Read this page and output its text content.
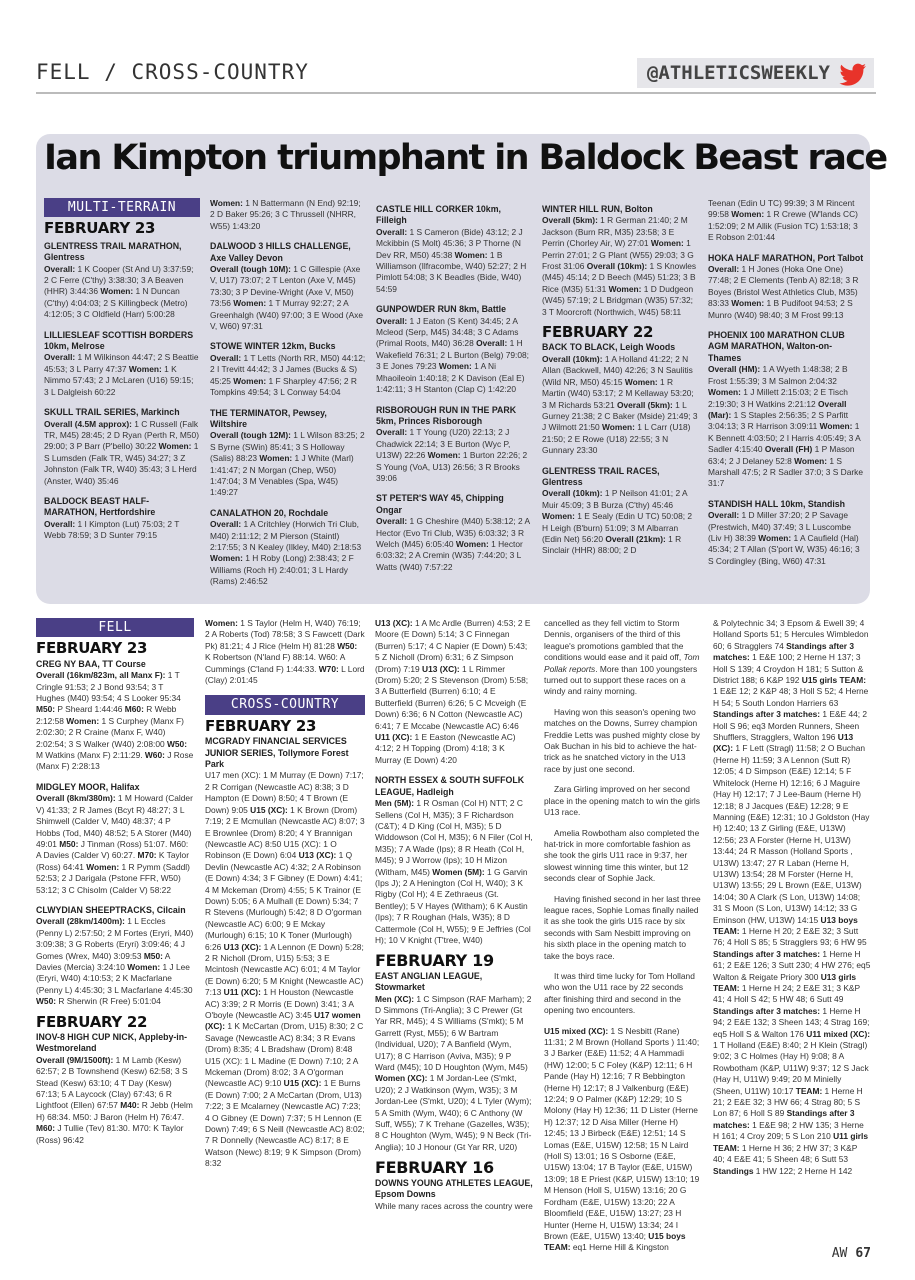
FELL / CROSS-COUNTRY	@ATHLETICSWEEKLY
Ian Kimpton triumphant in Baldock Beast race
MULTI-TERRAIN
FEBRUARY 23

GLENTRESS TRAIL MARATHON, Glentress
Overall: 1 K Cooper (St And U) 3:37:59; 2 C Ferre (C'thy) 3:38:30; 3 A Beaven (HHR) 3:44:36 Women: 1 N Duncan (C'thy) 4:04:03; 2 S Killingbeck (Metro) 4:12:05; 3 C Oldfield (Harr) 5:00:28

LILLIESLEAF SCOTTISH BORDERS 10km, Melrose
Overall: 1 M Wilkinson 44:47; 2 S Beattie 45:53; 3 L Parry 47:37 Women: 1 K Nimmo 57:43; 2 J McLaren (U16) 59:15; 3 L Dalgleish 60:22

SKULL TRAIL SERIES, Markinch
Overall (4.5M approx): 1 C Russell (Falk TR, M45) 28:45; 2 D Ryan (Perth R, M50) 29:00; 3 P Barr (P'bello) 30:22 Women: 1 S Lumsden (Falk TR, W45) 34:27; 3 Z Johnston (Falk TR, W40) 35:43; 3 L Herd (Anster, W40) 35:46

BALDOCK BEAST HALF-MARATHON, Hertfordshire
Overall: 1 I Kimpton (Lut) 75:03; 2 T Webb 78:59; 3 D Sunter 79:15

Women: 1 N Battermann (N End) 92:19; 2 D Baker 95:26; 3 C Thrussell (NHRR, W55) 1:43:20

DALWOOD 3 HILLS CHALLENGE, Axe Valley Devon
Overall (tough 10M): 1 C Gillespie (Axe V, U17) 73:07; 2 T Lenton (Axe V, M45) 73:30; 3 P Devine-Wright (Axe V, M50) 73:56 Women: 1 T Murray 92:27; 2 A Greenhalgh (W40) 97:00; 3 E Wood (Axe V, W60) 97:31

STOWE WINTER 12km, Bucks
Overall: 1 T Letts (North RR, M50) 44:12; 2 I Trevitt 44:42; 3 J James (Bucks & S) 45:25 Women: 1 F Sharpley 47:56; 2 R Tompkins 49:54; 3 L Conway 54:04

THE TERMINATOR, Pewsey, Wiltshire
Overall (tough 12M): 1 L Wilson 83:25; 2 S Byrne (SWin) 85:41; 3 S Holloway (Salis) 88:23 Women: 1 J White (Marl) 1:41:47; 2 N Morgan (Chep, W50) 1:47:04; 3 M Venables (Spa, W45) 1:49:27

CANALATHON 20, Rochdale
Overall: 1 A Critchley (Horwich Tri Club, M40) 2:11:12; 2 M Pierson (Staintl) 2:17:55; 3 N Kealey (Ilkley, M40) 2:18:53 Women: 1 H Roby (Long) 2:38:43; 2 F Williams (Roch H) 2:40:01; 3 L Hardy (Rams) 2:46:52

CASTLE HILL CORKER 10km, Filleigh
Overall: 1 S Cameron (Bide) 43:12; 2 J Mckibbin (S Molt) 45:36; 3 P Thorne (N Dev RR, M50) 45:38 Women: 1 B Williamson (Ilfracombe, W40) 52:27; 2 H Pimlott 54:08; 3 K Beadles (Bide, W40) 54:59

GUNPOWDER RUN 8km, Battle
Overall: 1 J Eaton (S Kent) 34:45; 2 A Mcleod (Serp, M45) 34:48; 3 C Adams (Primal Roots, M40) 36:28 Overall: 1 H Wakefield 76:31; 2 L Burton (Belg) 79:08; 3 E Jones 79:23 Women: 1 A Ni Mhaoileoin 1:40:18; 2 K Davison (Eal E) 1:42:11; 3 H Stanton (Clap C) 1:42:20

RISBOROUGH RUN IN THE PARK 5km, Princes Risborough
Overall: 1 T Young (U20) 22:13; 2 J Chadwick 22:14; 3 E Burton (Wyc P, U13W) 22:26 Women: 1 Burton 22:26; 2 S Young (VoA, U13) 26:56; 3 R Brooks 39:06

ST PETER'S WAY 45, Chipping Ongar
Overall: 1 G Cheshire (M40) 5:38:12; 2 A Hector (Evo Tri Club, W35) 6:03:32; 3 R Welch (M45) 6:05:40 Women: 1 Hector 6:03:32; 2 A Cremin (W35) 7:44:20; 3 L Watts (W40) 7:57:22

WINTER HILL RUN, Bolton
Overall (5km): 1 R German 21:40; 2 M Jackson (Burn RR, M35) 23:58; 3 E Perrin (Chorley Air, W) 27:01 Women: 1 Perrin 27:01; 2 G Plant (W55) 29:03; 3 G Frost 31:06 Overall (10km): 1 S Knowles (M45) 45:14; 2 D Beech (M45) 51:23; 3 B Rice (M35) 51:31 Women: 1 D Dudgeon (W45) 57:19; 2 L Bridgman (W35) 57:32; 3 T Moorcroft (Northwich, W45) 58:11

FEBRUARY 22
BACK TO BLACK, Leigh Woods
Overall (10km): 1 A Holland 41:22; 2 N Allan (Backwell, M40) 42:26; 3 N Saulitis (Wild NR, M50) 45:15 Women: 1 R Martin (W40) 53:17; 2 M Kellaway 53:20; 3 M Richards 53:21 Overall (5km): 1 L Gurney 21:38; 2 C Baker (Mside) 21:49; 3 J Wilmott 21:50 Women: 1 L Carr (U18) 21:50; 2 E Rowe (U18) 22:55; 3 N Gunnary 23:30

GLENTRESS TRAIL RACES, Glentress
Overall (10km): 1 P Neilson 41:01; 2 A Muir 45:09; 3 B Burza (C'thy) 45:46 Women: 1 E Sealy (Edin U TC) 50:08; 2 H Leigh (B'burn) 51:09; 3 M Albarran (Edin Net) 56:20 Overall (21km): 1 R Sinclair (HHR) 88:00; 2 D

Teenan (Edin U TC) 99:39; 3 M Rincent 99:58 Women: 1 R Crewe (W'lands CC) 1:52:09; 2 M Allik (Fusion TC) 1:53:18; 3 E Robson 2:01:44

HOKA HALF MARATHON, Port Talbot
Overall: 1 H Jones (Hoka One One) 77:48; 2 E Clements (Tenb A) 82:18; 3 R Boyes (Bristol West Athletics Club, M35) 83:33 Women: 1 B Pudifoot 94:53; 2 S Munro (W40) 98:40; 3 M Frost 99:13

PHOENIX 100 MARATHON CLUB AGM MARATHON, Walton-on-Thames
Overall (HM): 1 A Wyeth 1:48:38; 2 B Frost 1:55:39; 3 M Salmon 2:04:32 Women: 1 J Millett 2:15:03; 2 E Tisch 2:19:30; 3 H Watkins 2:21:12 Overall (Mar): 1 S Staples 2:56:35; 2 S Parfitt 3:04:13; 3 R Harrison 3:09:11 Women: 1 K Bennett 4:03:50; 2 I Harris 4:05:49; 3 A Sadler 4:15:40 Overall (FH) 1 P Mason 63:4; 2 J Delaney 52:8 Women: 1 S Marshall 47:5; 2 R Sadler 37:0; 3 S Darke 31:7

STANDISH HALL 10km, Standish
Overall: 1 D Miller 37:20; 2 P Savage (Prestwich, M40) 37:49; 3 L Luscombe (Liv H) 38:39 Women: 1 A Caufield (Hal) 45:34; 2 T Allan (S'port W, W35) 46:16; 3 S Cordingley (Bing, W60) 47:31

FELL
FEBRUARY 23

CREG NY BAA, TT Course
Overall (16km/823m, all Manx F): 1 T Cringle 91:53; 2 J Bond 93:54; 3 T Hughes (M40) 93:54; 4 S Looker 95:34 M50: P Sheard 1:44:46 M60: R Webb 2:12:58 Women: 1 S Curphey (Manx F) 2:02:30; 2 R Craine (Manx F, W40) 2:02:54; 3 S Walker (W40) 2:08:00 W50: M Watkins (Manx F) 2:11:29. W60: J Rose (Manx F) 2:28:13

MIDGLEY MOOR, Halifax
Overall (8km/380m): 1 M Howard (Calder V) 41:33; 2 R James (Bcyt R) 48:27; 3 L Shimwell (Calder V, M40) 48:37; 4 P Hobbs (Tod, M40) 48:52; 5 A Storer (M40) 49:01 M50: J Tinman (Ross) 51:07. M60: A Davies (Calder V) 60:27. M70: K Taylor (Ross) 64:41 Women: 1 R Pymm (Saddl) 52:53; 2 J Darigala (Pstone FFR, W50) 53:12; 3 C Chisolm (Calder V) 58:22

CLWYDIAN SHEEPTRACKS, Cilcain
Overall (28km/1400m): 1 L Eccles (Penny L) 2:57:50; 2 M Fortes (Eryri, M40) 3:09:38; 3 G Roberts (Eryri) 3:09:46; 4 J Gomes (Wrex, M40) 3:09:53 M50: A Davies (Mercia) 3:24:10 Women: 1 J Lee (Eryri, W40) 4:10:53; 2 K Macfarlane (Penny L) 4:45:30; 3 L Macfarlane 4:45:30 W50: R Sherwin (R Free) 5:01:04

FEBRUARY 22

INOV-8 HIGH CUP NICK, Appleby-in-Westmoreland
Overall (9M/1500ft): 1 M Lamb (Kesw) 62:57; 2 B Townshend (Kesw) 62:58; 3 S Stead (Kesw) 63:10; 4 T Day (Kesw) 67:13; 5 A Laycock (Clay) 67:43; 6 R Lightfoot (Ellen) 67:57 M40: R Jebb (Helm H) 68:34. M50: J Baron (Helm H) 76:47. M60: J Tullie (Tev) 81:30. M70: K Taylor (Ross) 96:42

Women: 1 S Taylor (Helm H, W40) 76:19; 2 A Roberts (Tod) 78:58; 3 S Fawcett (Dark Pk) 81:21; 4 J Rice (Helm H) 81:28 W50: K Robertson (N'land F) 88:14. W60: A Cummings (C'land F) 1:44:33. W70: L Lord (Clay) 2:01:45

CROSS-COUNTRY
FEBRUARY 23

MCGRADY FINANCIAL SERVICES JUNIOR SERIES, Tollymore Forest Park
U17 men (XC): 1 M Murray (E Down) 7:17; 2 R Corrigan (Newcastle AC) 8:38; 3 D Hampton (E Down) 8:50; 4 T Brown (E Down) 9:05 U15 (XC): 1 K Brown (Drom) 7:19; 2 E Mcmullan (Newcastle AC) 8:07; 3 E Brownlee (Drom) 8:20; 4 Y Brannigan (Newcastle AC) 8:50 U15 (XC): 1 O Robinson (E Down) 6:04 U13 (XC): 1 Q Devlin (Newcastle AC) 4:32; 2 A Robinson (E Down) 4:34; 3 F Gibney (E Down) 4:41; 4 M Mckeman (Drom) 4:55; 5 K Trainor (E Down) 5:05; 6 A Mulhall (E Down) 5:34; 7 R Stevens (Murlough) 5:42; 8 D O'gorman (Newcastle AC) 6:00; 9 E Mckay (Murlough) 6:15; 10 K Toner (Murlough) 6:26 U13 (XC): 1 A Lennon (E Down) 5:28; 2 R Nicholl (Drom, U15) 5:53; 3 E Mcintosh (Newcastle AC) 6:01; 4 M Taylor (E Down) 6:20; 5 M Knight (Newcastle AC) 7:13 U11 (XC): 1 H Houston (Newcastle AC) 3:39; 2 R Morris (E Down) 3:41; 3 A O'boyle (Newcastle AC) 3:45 U17 women (XC): 1 K McCartan (Drom, U15) 8:30; 2 C Savage (Newcastle AC) 8:34; 3 R Evans (Drom) 8:35; 4 L Bradshaw (Drom) 8:48 U15 (XC): 1 L Madine (E Down) 7:10; 2 A Mckeman (Drom) 8:02; 3 A O'gorman (Newcastle AC) 9:10 U15 (XC): 1 E Burns (E Down) 7:00; 2 A McCartan (Drom, U13) 7:22; 3 E Mcalarney (Newcastle AC) 7:23; 4 O Gibney (E Down) 7:37; 5 H Lennon (E Down) 7:49; 6 S Neill (Newcastle AC) 8:02; 7 R Donnelly (Newcastle AC) 8:17; 8 E Watson (Newc) 8:19; 9 K Simpson (Drom) 8:32

U13 (XC): 1 A Mc Ardle (Burren) 4:53; 2 E Moore (E Down) 5:14; 3 C Finnegan (Burren) 5:17; 4 C Napier (E Down) 5:43; 5 Z Nicholl (Drom) 6:31; 6 Z Simpson (Drom) 7:19 U13 (XC): 1 L Rimmer (Drom) 5:20; 2 S Stevenson (Drom) 5:58; 3 A Butterfield (Burren) 6:10; 4 E Butterfield (Burren) 6:26; 5 C Mcveigh (E Down) 6:36; 6 N Cotton (Newcastle AC) 6:41; 7 E Mccabe (Newcastle AC) 6:46 U11 (XC): 1 E Easton (Newcastle AC) 4:12; 2 H Topping (Drom) 4:18; 3 K Murray (E Down) 4:20

NORTH ESSEX & SOUTH SUFFOLK LEAGUE, Hadleigh
Men (5M): 1 R Osman (Col H) NTT; 2 C Sellens (Col H, M35); 3 F Richardson (C&T); 4 D King (Col H, M35); 5 D Widdowson (Col H, M35); 6 N Filer (Col H, M35); 7 A Wade (Ips); 8 R Heath (Col H, M45); 9 J Worrow (Ips); 10 H Mizon (Witham, M45) Women (5M): 1 G Garvin (Ips J); 2 A Henington (Col H, W40); 3 K Rigby (Col H); 4 E Zethraeus (Gt. Bentley); 5 V Hayes (Witham); 6 K Austin (Ips); 7 R Roughan (Hals, W35); 8 D Cattermole (Col H, W55); 9 E Jeffries (Col H); 10 V Knight (T'tree, W40)

FEBRUARY 19
EAST ANGLIAN LEAGUE, Stowmarket
Men (XC): 1 C Simpson (RAF Marham); 2 D Simmons (Tri-Anglia); 3 C Prewer (Gt Yar RR, M45); 4 S Williams (S'mkt); 5 M Garrett (Ryst, M55); 6 W Bartram (Individual, U20); 7 A Banfield (Wym, U17); 8 C Harrison (Aviva, M35); 9 P Ward (M45); 10 D Houghton (Wym, M45) Women (XC): 1 M Jordan-Lee (S'mkt, U20); 2 J Watkinson (Wym, W35); 3 M Jordan-Lee (S'mkt, U20); 4 L Tyler (Wym); 5 A Smith (Wym, W40); 6 C Anthony (W Suff, W55); 7 K Trehane (Gazelles, W35); 8 C Houghton (Wym, W45); 9 N Beck (Tri-Anglia); 10 J Honour (Gt Yar RR, U20)

FEBRUARY 16
DOWNS YOUNG ATHLETES LEAGUE, Epsom Downs
While many races across the country were

cancelled as they fell victim to Storm Dennis, organisers of the third of this league's promotions gambled that the conditions would ease and it paid off, Tom Pollak reports. More than 100 youngsters turned out to support these races on a windy and rainy morning.

Having won this season's opening two matches on the Downs, Surrey champion Freddie Letts was pushed mighty close by Oak Buchan in his bid to achieve the hat-trick as he snatched victory in the U13 race by just one second.

Zara Girling improved on her second place in the opening match to win the girls U13 race.

Amelia Rowbotham also completed the hat-trick in more comfortable fashion as she took the girls U11 race in 9:37, her slowest winning time this winter, but 12 seconds clear of Sophie Jack.

Having finished second in her last three league races, Sophie Lomas finally nailed it as she took the girls U15 race by six seconds with Sam Nesbitt improving on his sixth place in the opening match to take the boys race.

It was third time lucky for Tom Holland who won the U11 race by 22 seconds after finishing third and second in the opening two encounters.

U15 mixed (XC): 1 S Nesbitt (Rane) 11:31; 2 M Brown (Holland Sports ) 11:40; 3 J Barker (E&E) 11:52; 4 A Hammadi (HW) 12:00; 5 C Foley (K&P) 12:11; 6 H Pande (Hay H) 12:16; 7 R Bebbington (Herne H) 12:17; 8 J Valkenburg (E&E) 12:24; 9 O Palmer (K&P) 12:29; 10 S Molony (Hay H) 12:36; 11 D Lister (Herne H) 12:37; 12 D Aisa Miller (Herne H) 12:45; 13 J Birbeck (E&E) 12:51; 14 S Lomas (E&E, U15W) 12:58; 15 N Laird (Holl S) 13:01; 16 S Osborne (E&E, U15W) 13:04; 17 B Taylor (E&E, U15W) 13:09; 18 E Priest (K&P, U15W) 13:10; 19 M Henson (Holl S, U15W) 13:16; 20 G Fordham (E&E, U15W) 13:20; 22 A Bloomfield (E&E, U15W) 13:27; 23 H Hunter (Herne H, U15W) 13:34; 24 I Brown (E&E, U15W) 13:40; U15 boys TEAM: eq1 Herne Hill & Kingston

& Polytechnic 34; 3 Epsom & Ewell 39; 4 Holland Sports 51; 5 Hercules Wimbledon 60; 6 Stragglers 74 Standings after 3 matches: 1 E&E 100; 2 Herne H 137; 3 Holl S 139; 4 Croydon H 181; 5 Sutton & District 188; 6 K&P 192 U15 girls TEAM: 1 E&E 12; 2 K&P 48; 3 Holl S 52; 4 Herne H 54; 5 South London Harriers 63 Standings after 3 matches: 1 E&E 44; 2 Holl S 96; eq3 Morden Runners, Sheen Shufflers, Stragglers, Walton 196 U13 (XC): 1 F Lett (Stragl) 11:58; 2 O Buchan (Herne H) 11:59; 3 A Lennon (Sutt R) 12:05; 4 D Simpson (E&E) 12:14; 5 F Whitelock (Herne H) 12:16; 6 J Maguire (Hay H) 12:17; 7 J Lee-Baum (Herne H) 12:18; 8 J Jacques (E&E) 12:28; 9 E Manning (E&E) 12:31; 10 J Goldston (Hay H) 12:40; 13 Z Girling (E&E, U13W) 12:56; 23 A Forster (Herne H, U13W) 13:44; 24 R Masson (Holland Sports , U13W) 13:47; 27 R Laban (Herne H, U13W) 13:54; 28 M Forster (Herne H, U13W) 13:55; 29 L Brown (E&E, U13W) 14:04; 30 A Clark (S Lon, U13W) 14:08; 31 S Moon (S Lon, U13W) 14:12; 33 G Eminson (HW, U13W) 14:15 U13 boys TEAM: 1 Herne H 20; 2 E&E 32; 3 Sutt 76; 4 Holl S 85; 5 Stragglers 93; 6 HW 95 Standings after 3 matches: 1 Herne H 61; 2 E&E 126; 3 Sutt 230; 4 HW 276; eq5 Walton & Reigate Priory 300 U13 girls TEAM: 1 Herne H 24; 2 E&E 31; 3 K&P 41; 4 Holl S 42; 5 HW 48; 6 Sutt 49 Standings after 3 matches: 1 Herne H 94; 2 E&E 132; 3 Sheen 143; 4 Strag 169; eq5 Holl S & Walton 176 U11 mixed (XC): 1 T Holland (E&E) 8:40; 2 H Klein (Stragl) 9:02; 3 C Holmes (Hay H) 9:08; 8 A Rowbotham (K&P, U11W) 9:37; 12 S Jack (Hay H, U11W) 9:49; 20 M Minielly (Sheen, U11W) 10:17 TEAM: 1 Herne H 21; 2 E&E 32; 3 HW 66; 4 Strag 80; 5 S Lon 87; 6 Holl S 89 Standings after 3 matches: 1 E&E 98; 2 HW 135; 3 Herne H 161; 4 Croy 209; 5 S Lon 210 U11 girls TEAM: 1 Herne H 36; 2 HW 37; 3 K&P 40; 4 E&E 41; 5 Sheen 48; 6 Sutt 53 Standings 1 HW 122; 2 Herne H 142

AW 67
